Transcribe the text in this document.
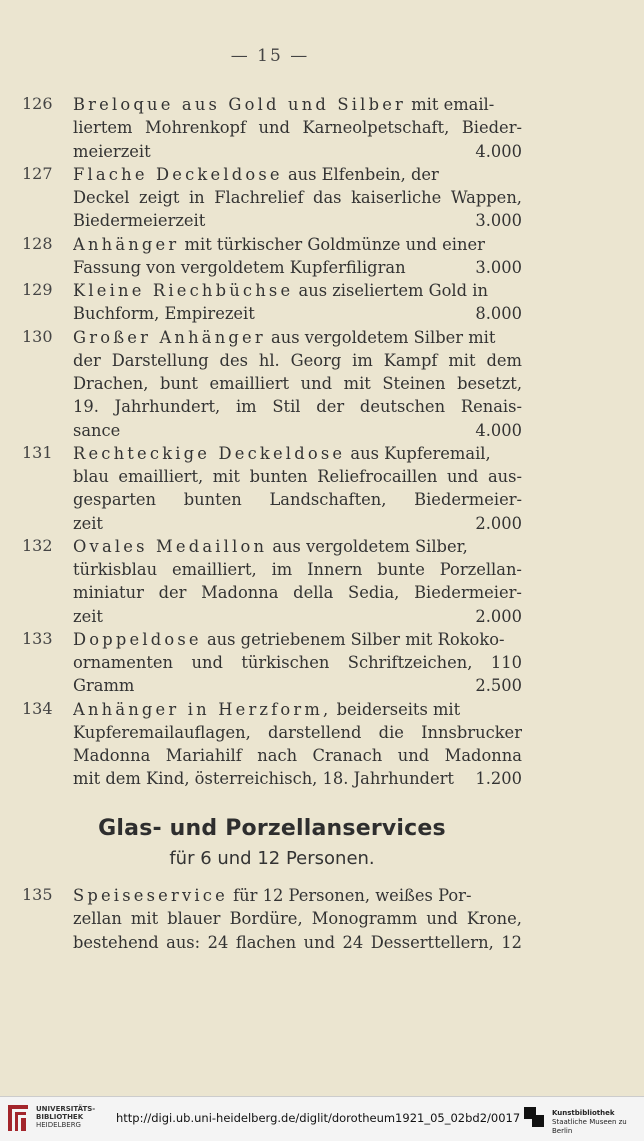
— 15 —
126 Breloque aus Gold und Silber mit email-
liertem Mohrenkopf und Karneolpetschaft, Bieder-
meierzeit	4.000
127 Flache Deckeldose aus Elfenbein, der
Deckel zeigt in Flachrelief das kaiserliche Wappen,
Biedermeierzeit	3.000
128 Anhänger mit türkischer Goldmünze und einer
Fassung von vergoldetem Kupferfiligran	3.000
129 Kleine Riechbüchse aus ziseliertem Gold in
Buchform, Empirezeit	8.000
130 Großer Anhänger aus vergoldetem Silber mit
der Darstellung des hl. Georg im Kampf mit dem
Drachen, bunt emailliert und mit Steinen besetzt,
19. Jahrhundert, im Stil der deutschen Renais-
sance	4.000
131 Rechteckige Deckeldose aus Kupferemail,
blau emailliert, mit bunten Reliefrocaillen und aus-
gesparten bunten Landschaften, Biedermeier-
zeit	2.000
132 Ovales Medaillon aus vergoldetem Silber,
türkisblau emailliert, im Innern bunte Porzellan-
miniatur der Madonna della Sedia, Biedermeier-
zeit	2.000
133 Doppeldose aus getriebenem Silber mit Rokoko-
ornamenten und türkischen Schriftzeichen, 110
Gramm	2.500
134 Anhänger in Herzform, beiderseits mit
Kupferemailauflagen, darstellend die Innsbrucker
Madonna Mariahilf nach Cranach und Madonna
mit dem Kind, österreichisch, 18. Jahrhundert 1.200
Glas- und Porzellanservices
für 6 und 12 Personen.
135 Speiseservice für 12 Personen, weißes Por-
zellan mit blauer Bordüre, Monogramm und Krone,
bestehend aus: 24 flachen und 24 Desserttellern, 12
UNIVERSITÄTS-
BIBLIOTHEK
HEIDELBERG	http://digi.ub.uni-heidelberg.de/diglit/dorotheum1921_05_02bd2/0017	Kunstbibliothek
Staatliche Museen zu Berlin
